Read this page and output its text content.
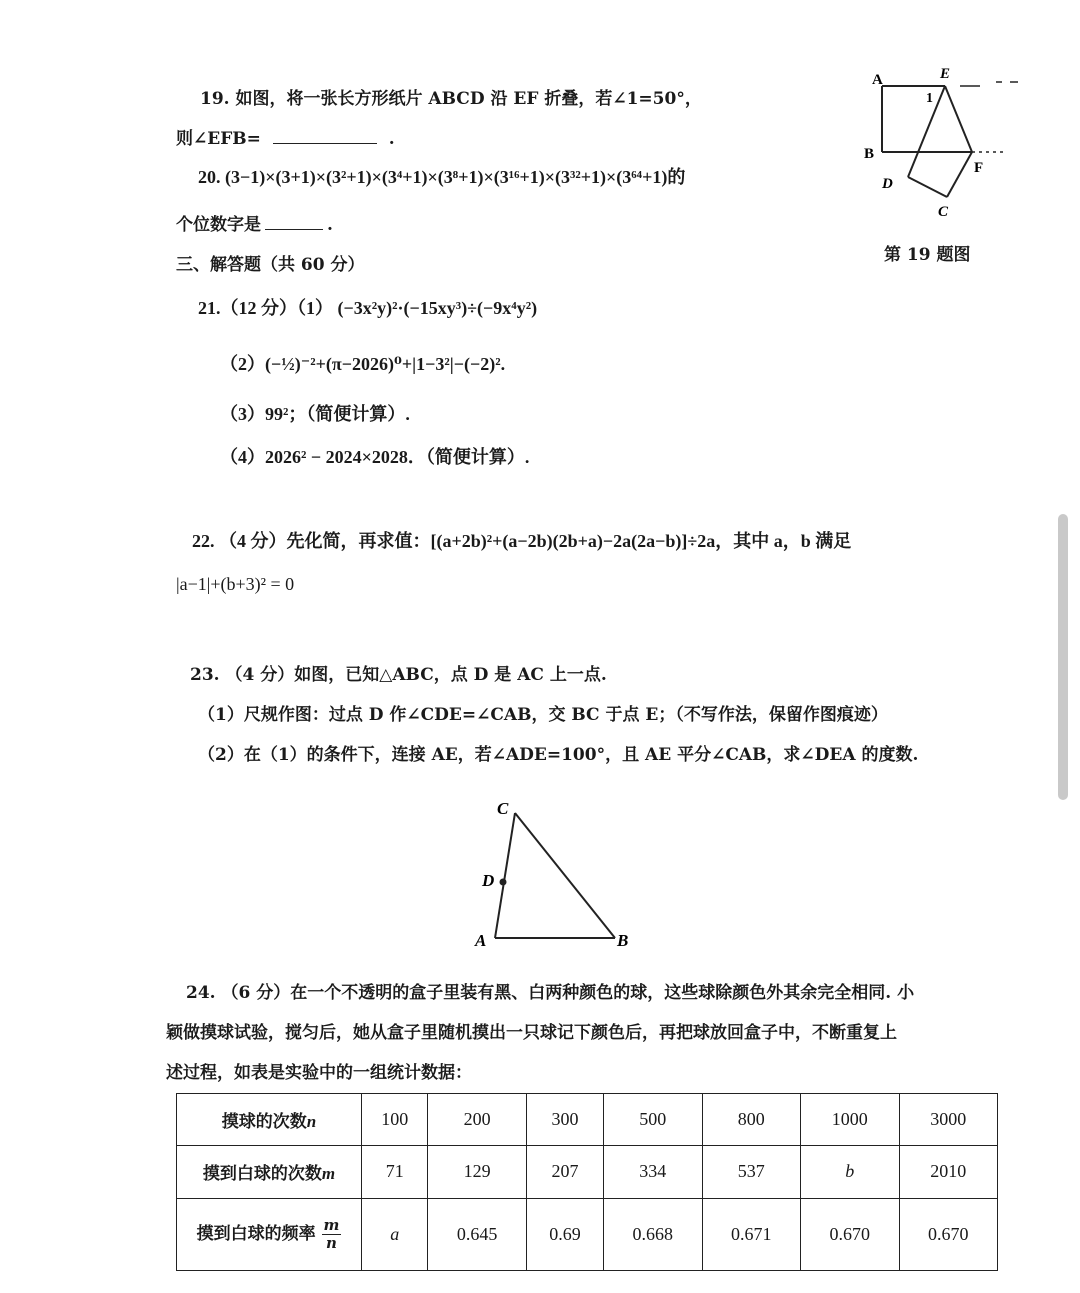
19. 如图，将一张长方形纸片 ABCD 沿 EF 折叠，若∠1=50°，
则∠EFB=	.
A	E
1
B
F
D
C
第 19 题图
20. (3−1)×(3+1)×(3²+1)×(3⁴+1)×(3⁸+1)×(3¹⁶+1)×(3³²+1)×(3⁶⁴+1)的
个位数字是	.
三、解答题（共 60 分）
21.（12 分）（1） (−3x²y)²·(−15xy³)÷(−9x⁴y²)
（2）(−½)⁻²+(π−2026)⁰+|1−3²|−(−2)².
（3）99²；（简便计算）.
（4）2026² − 2024×2028．（简便计算）.
22. （4 分）先化简，再求值：[(a+2b)²+(a−2b)(2b+a)−2a(2a−b)]÷2a，其中 a，b 满足
|a−1|+(b+3)² = 0
23. （4 分）如图，已知△ABC，点 D 是 AC 上一点.
（1）尺规作图：过点 D 作∠CDE=∠CAB，交 BC 于点 E；（不写作法，保留作图痕迹）
（2）在（1）的条件下，连接 AE，若∠ADE=100°，且 AE 平分∠CAB，求∠DEA 的度数.
C
D
A	B
24. （6 分）在一个不透明的盒子里装有黑、白两种颜色的球，这些球除颜色外其余完全相同. 小
颖做摸球试验，搅匀后，她从盒子里随机摸出一只球记下颜色后，再把球放回盒子中，不断重复上
述过程，如表是实验中的一组统计数据：
摸球的次数n	100	200	300	500	800	1000	3000
摸到白球的次数m	71	129	207	334	537	b	2010
摸到白球的频率 $\frac{m}{n}$	a	0.645	0.69	0.668	0.671	0.670	0.670
